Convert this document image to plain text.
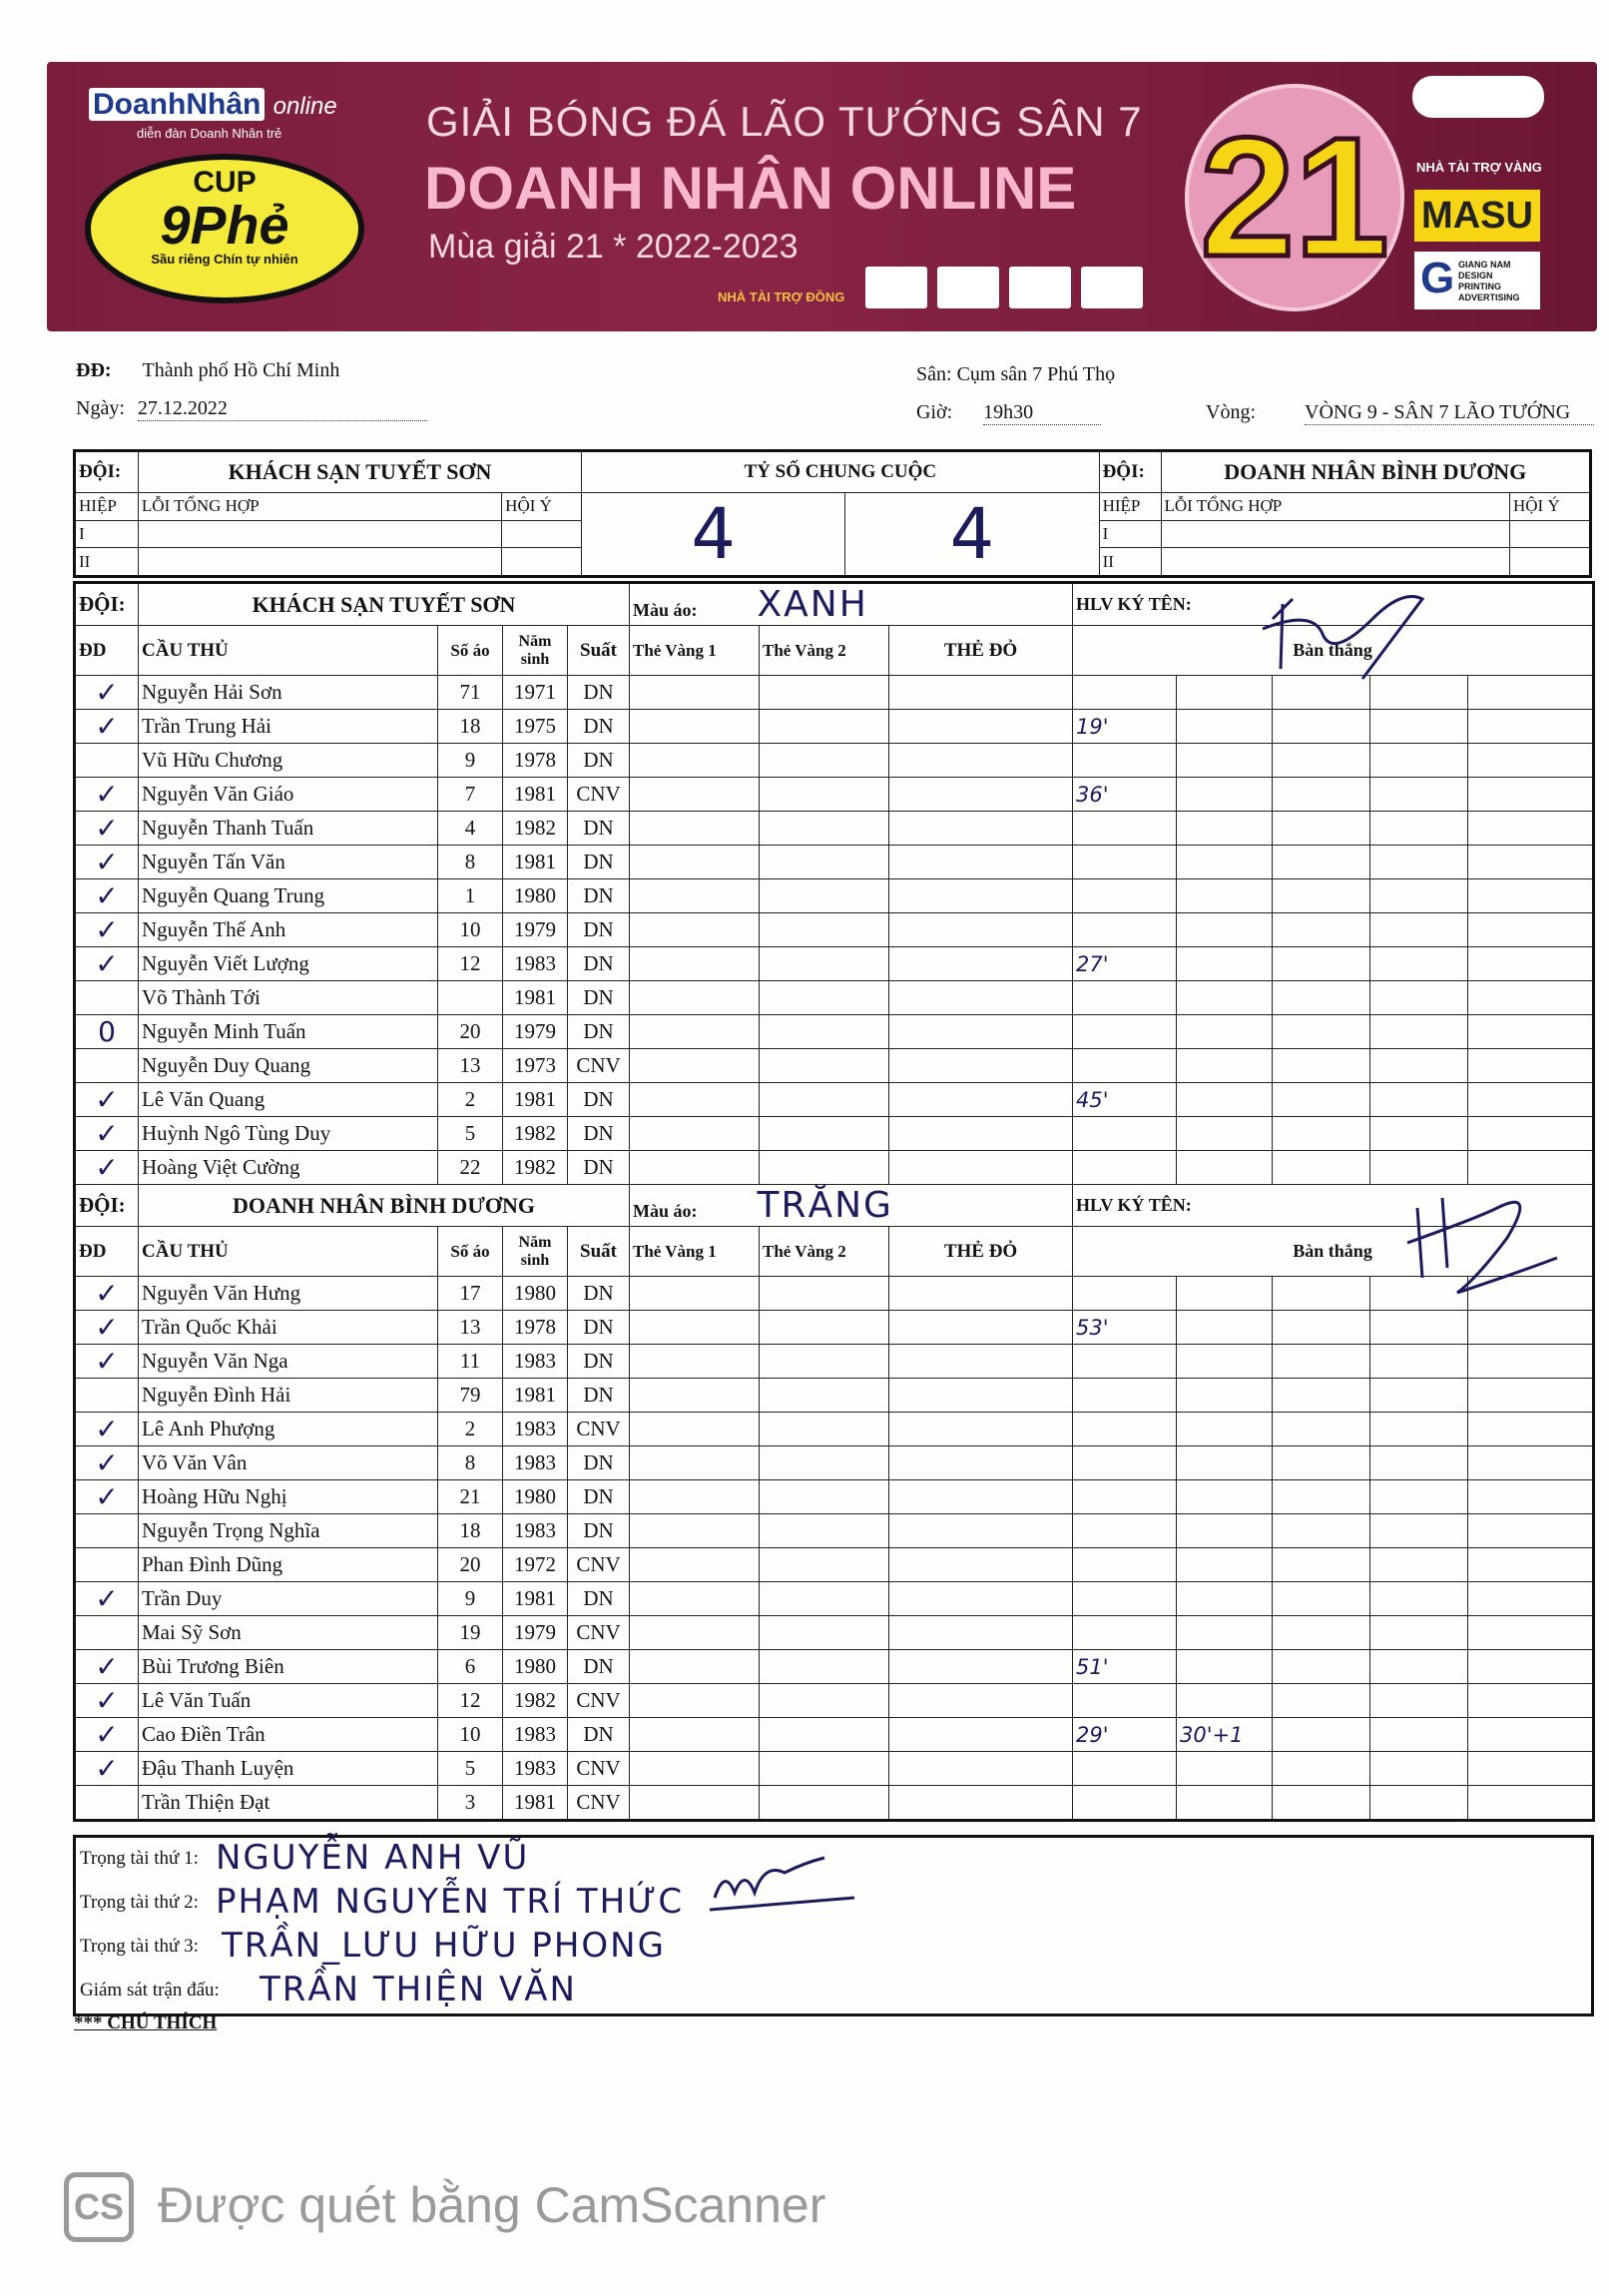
DoanhNhân online
diễn đàn Doanh Nhân trẻ
CUP
9Phẻ
Sầu riêng Chín tự nhiên
GIẢI BÓNG ĐÁ LÃO TƯỚNG SÂN 7
DOANH NHÂN ONLINE
Mùa giải 21 * 2022-2023
NHÀ TÀI TRỢ ĐỒNG

21	NHÀ TÀI TRỢ VÀNG
MASU
G GIANG NAM DESIGN PRINTING ADVERTISING
ĐĐ: Thành phố Hồ Chí Minh
Ngày: 27.12.2022
Sân: Cụm sân 7 Phú Thọ
Giờ: 19h30	Vòng: VÒNG 9 - SÂN 7 LÃO TƯỚNG
ĐỘI:	KHÁCH SẠN TUYẾT SƠN		TỶ SỐ CHUNG CUỘC		ĐỘI:	DOANH NHÂN BÌNH DƯƠNG	
HIỆP	LỖI TỔNG HỢP	HỘI Ý	4	4	HIỆP	LỖI TỔNG HỢP	HỘI Ý
I					I		
II					II		
ĐỘI:	KHÁCH SẠN TUYẾT SƠN				Màu áo: XANH			HLV KÝ TÊN:				
ĐD	CẦU THỦ	Số áo	Năm sinh	Suất	Thẻ Vàng 1	Thẻ Vàng 2	THẺ ĐỎ	Bàn thắng				
✓	Nguyễn Hải Sơn	71	1971	DN								
✓	Trần Trung Hải	18	1975	DN				19'				
	Vũ Hữu Chương	9	1978	DN								
✓	Nguyễn Văn Giáo	7	1981	CNV				36'				
✓	Nguyễn Thanh Tuấn	4	1982	DN								
✓	Nguyễn Tấn Văn	8	1981	DN								
✓	Nguyễn Quang Trung	1	1980	DN								
✓	Nguyễn Thế Anh	10	1979	DN								
✓	Nguyễn Viết Lượng	12	1983	DN				27'				
	Võ Thành Tới		1981	DN								
0	Nguyễn Minh Tuấn	20	1979	DN								
	Nguyễn Duy Quang	13	1973	CNV								
✓	Lê Văn Quang	2	1981	DN				45'				
✓	Huỳnh Ngô Tùng Duy	5	1982	DN								
✓	Hoàng Việt Cường	22	1982	DN								
ĐỘI:	DOANH NHÂN BÌNH DƯƠNG				Màu áo: TRẮNG			HLV KÝ TÊN:				
ĐD	CẦU THỦ	Số áo	Năm sinh	Suất	Thẻ Vàng 1	Thẻ Vàng 2	THẺ ĐỎ	Bàn thắng				
✓	Nguyễn Văn Hưng	17	1980	DN								
✓	Trần Quốc Khải	13	1978	DN				53'				
✓	Nguyễn Văn Nga	11	1983	DN								
	Nguyễn Đình Hải	79	1981	DN								
✓	Lê Anh Phượng	2	1983	CNV								
✓	Võ Văn Vân	8	1983	DN								
✓	Hoàng Hữu Nghị	21	1980	DN								
	Nguyễn Trọng Nghĩa	18	1983	DN								
	Phan Đình Dũng	20	1972	CNV								
✓	Trần Duy	9	1981	DN								
	Mai Sỹ Sơn	19	1979	CNV								
✓	Bùi Trương Biên	6	1980	DN				51'				
✓	Lê Văn Tuấn	12	1982	CNV								
✓	Cao Điền Trân	10	1983	DN				29'	30'+1			
✓	Đậu Thanh Luyện	5	1983	CNV								
	Trần Thiện Đạt	3	1981	CNV								
Trọng tài thứ 1: NGUYỄN ANH VŨ
Trọng tài thứ 2: PHẠM NGUYỄN TRÍ THỨC
Trọng tài thứ 3: TRẦN_LƯU HỮU PHONG
Giám sát trận đấu: TRẦN THIỆN VĂN
*** CHÚ THÍCH
CS Được quét bằng CamScanner
